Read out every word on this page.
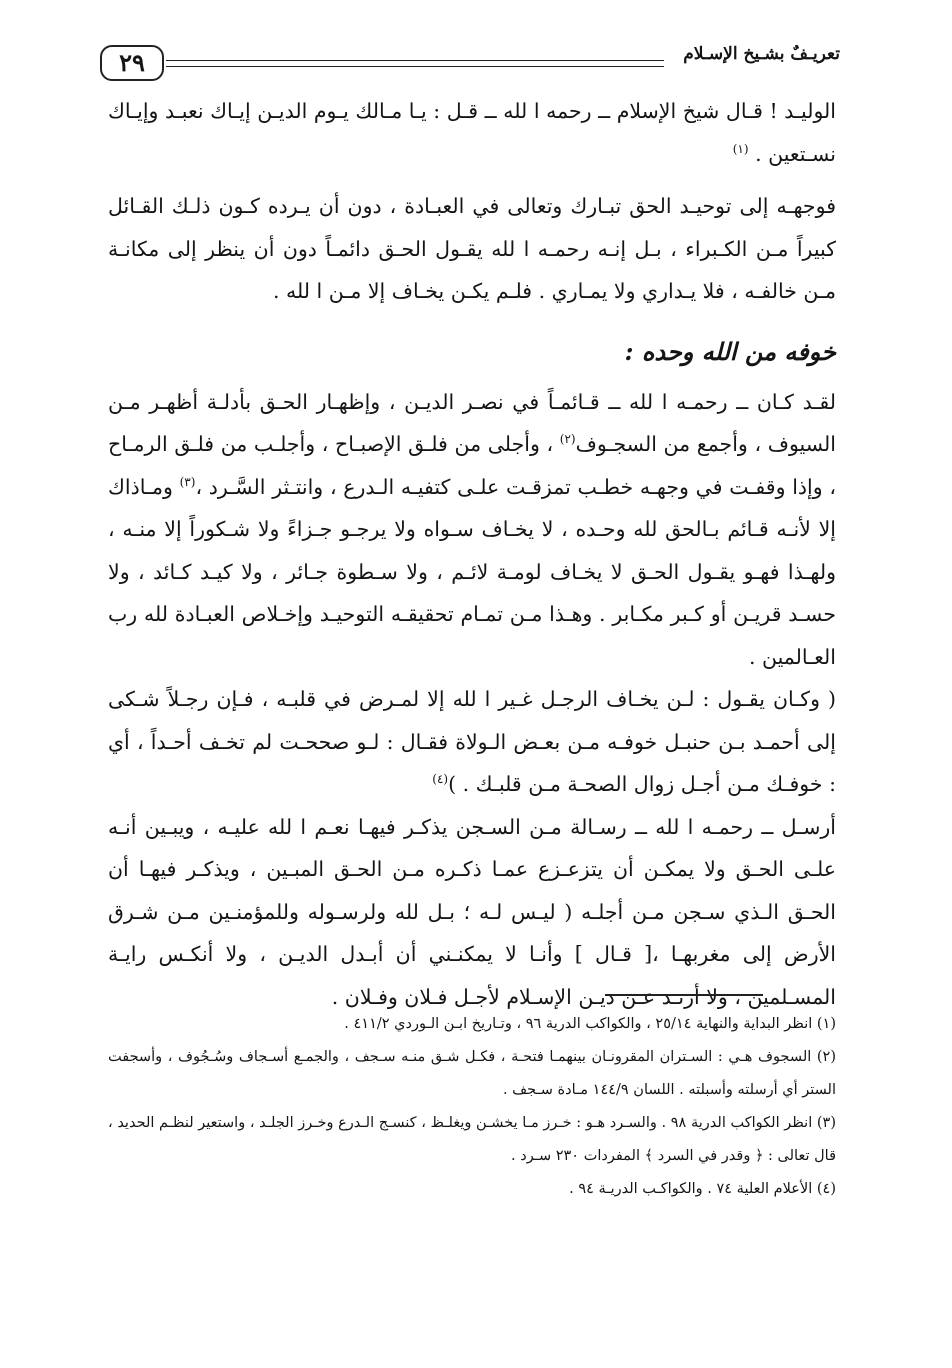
٢٩	تعريـفٌ بشـيخ الإسـلام

الوليـد ! قـال شيخ الإسلام ــ رحمه ا لله ــ قـل : يـا مـالك يـوم الديـن إيـاك نعبـد وإيـاك نسـتعين . $^{(١)}$

فوجهـه إلى توحيـد الحق تبـارك وتعالى في العبـادة ، دون أن يـرده كـون ذلـك القـائل كبيراً مـن الكـبراء ، بـل إنـه رحمـه ا لله يقـول الحـق دائمـاً دون أن ينظر إلى مكانـة مـن خالفـه ، فلا يـداري ولا يمـاري . فلـم يكـن يخـاف إلا مـن ا لله .

خوفه من الله وحده :

لقـد كـان ــ رحمـه ا لله ــ قـائمـاً في نصـر الديـن ، وإظهـار الحـق بأدلـة أظهـر مـن السيوف ، وأجمع من السجـوف$^{(٢)}$ ، وأجلى من فلـق الإصبـاح ، وأجلـب من فلـق الرمـاح ، وإذا وقفـت في وجهـه خطـب تمزقـت علـى كتفيـه الـدرع ، وانتـثر السَّـرد ،$^{(٣)}$ ومـاذاك إلا لأنـه قـائم بـالحق لله وحـده ، لا يخـاف سـواه ولا يرجـو جـزاءً ولا شـكوراً إلا منـه ، ولهـذا فهـو يقـول الحـق لا يخـاف لومـة لائـم ، ولا سـطوة جـائر ، ولا كيـد كـائد ، ولا حسـد قريـن أو كـبر مكـابر . وهـذا مـن تمـام تحقيقـه التوحيـد وإخـلاص العبـادة لله رب العـالمين .

( وكـان يقـول : لـن يخـاف الرجـل غـير ا لله إلا لمـرض في قلبـه ، فـإن رجـلاً شـكى إلى أحمـد بـن حنبـل خوفـه مـن بعـض الـولاة فقـال : لـو صححـت لم تخـف أحـداً ، أي : خوفـك مـن أجـل زوال الصحـة مـن قلبـك . )$^{(٤)}$

أرسـل ــ رحمـه ا لله ــ رسـالة مـن السـجن يذكـر فيهـا نعـم ا لله عليـه ، ويبـين أنـه علـى الحـق ولا يمكـن أن يتزعـزع عمـا ذكـره مـن الحـق المبـين ، ويذكـر فيهـا أن الحـق الـذي سـجن مـن أجلـه ( ليـس لـه ؛ بـل لله ولرسـوله وللمؤمنـين مـن شـرق الأرض إلى مغربهـا ،[ قـال ] وأنـا لا يمكنـني أن أبـدل الديـن ، ولا أنكـس رايـة المسـلمين ، ولا أرتـد عـن ديـن الإسـلام لأجـل فـلان وفـلان .

(١) انظر البداية والنهاية ٢٥/١٤ ، والكواكب الدرية ٩٦ ، وتـاريخ ابـن الـوردي ٤١١/٢ .

(٢) السجوف هـي : السـتران المقرونـان بينهمـا فتحـة ، فكـل شـق منـه سـجف ، والجمـع أسـجاف وسُـجُوف ، وأسجفت الستر أي أرسلته وأسبلته . اللسان ١٤٤/٩ مـادة سـجف .

(٣) انظر الكواكب الدرية ٩٨ . والسـرد هـو : خـرز مـا يخشـن ويغلـظ ، كنسـج الـدرع وخـرز الجلـد ، واستعير لنظـم الحديد ، قال تعالى : ﴿ وقدر في السرد ﴾ المفردات ٢٣٠ سـرد .

(٤) الأعلام العلية ٧٤ . والكواكـب الدريـة ٩٤ .
